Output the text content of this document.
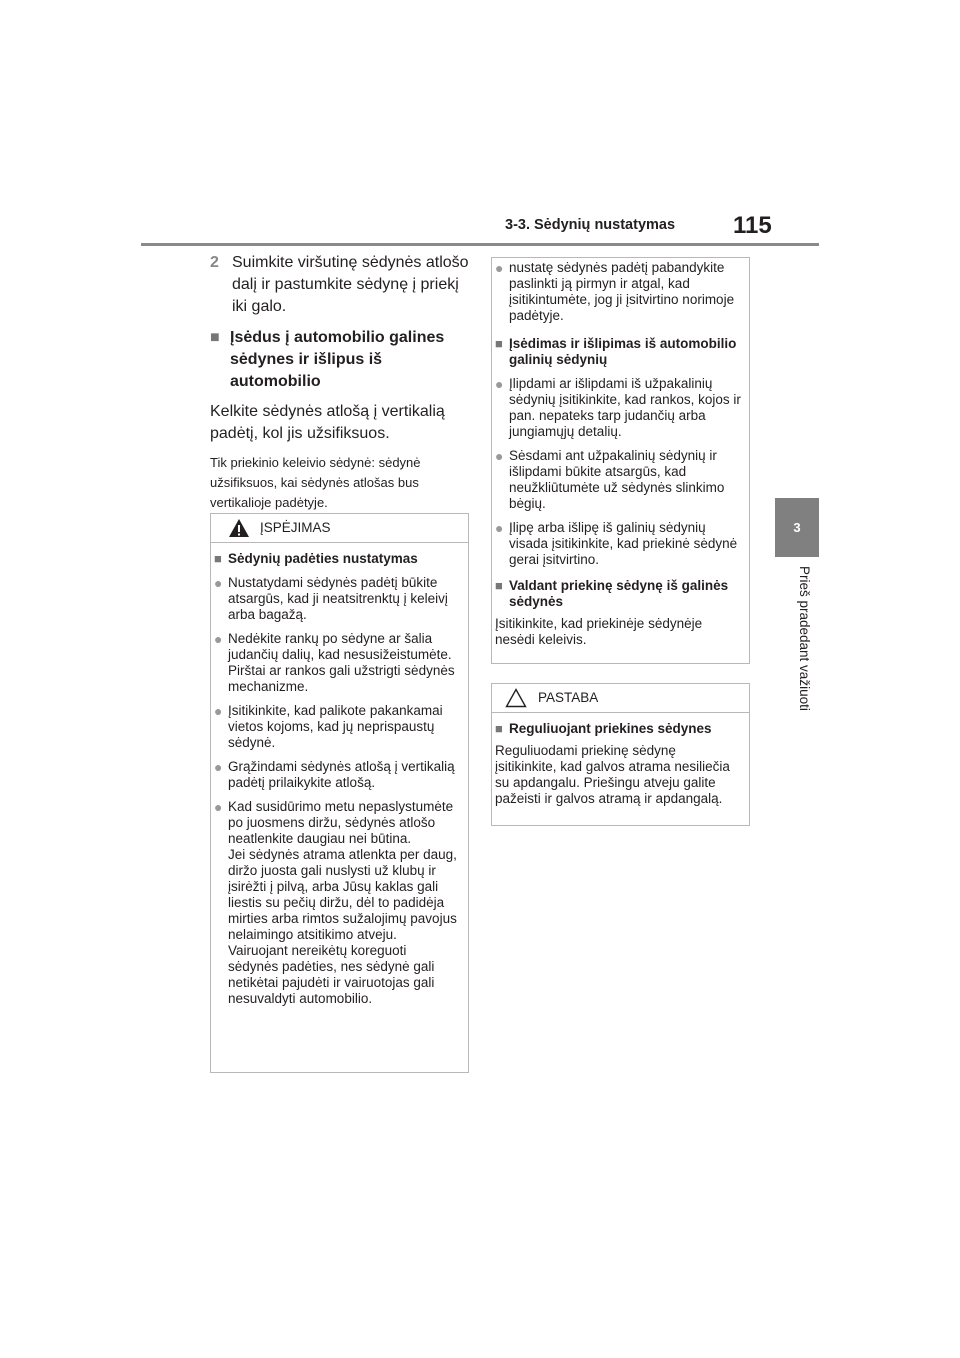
3-3. Sėdynių nustatymas	115
3
Prieš pradedant važiuoti
2 Suimkite viršutinę sėdynės atlošo dalį ir pastumkite sėdynę į priekį iki galo.
■ Įsėdus į automobilio galines sėdynes ir išlipus iš automobilio
Kelkite sėdynės atlošą į vertikalią padėtį, kol jis užsifiksuos.
Tik priekinio keleivio sėdynė: sėdynė užsifiksuos, kai sėdynės atlošas bus vertikalioje padėtyje.
ĮSPĖJIMAS
■ Sėdynių padėties nustatymas
● Nustatydami sėdynės padėtį būkite atsargūs, kad ji neatsitrenktų į keleivį arba bagažą.
● Nedėkite rankų po sėdyne ar šalia judančių dalių, kad nesusižeistumėte.
Pirštai ar rankos gali užstrigti sėdynės mechanizme.
● Įsitikinkite, kad palikote pakankamai vietos kojoms, kad jų neprispaustų sėdynė.
● Grąžindami sėdynės atlošą į vertikalią padėtį prilaikykite atlošą.
● Kad susidūrimo metu nepaslystumėte po juosmens diržu, sėdynės atlošo neatlenkite daugiau nei būtina.
Jei sėdynės atrama atlenkta per daug, diržo juosta gali nuslysti už klubų ir įsirėžti į pilvą, arba Jūsų kaklas gali liestis su pečių diržu, dėl to padidėja mirties arba rimtos sužalojimų pavojus nelaimingo atsitikimo atveju.
Vairuojant nereikėtų koreguoti sėdynės padėties, nes sėdynė gali netikėtai pajudėti ir vairuotojas gali nesuvaldyti automobilio.
● nustatę sėdynės padėtį pabandykite paslinkti ją pirmyn ir atgal, kad įsitikintumėte, jog ji įsitvirtino norimoje padėtyje.
■ Įsėdimas ir išlipimas iš automobilio galinių sėdynių
● Įlipdami ar išlipdami iš užpakalinių sėdynių įsitikinkite, kad rankos, kojos ir pan. nepateks tarp judančių arba jungiamųjų detalių.
● Sėsdami ant užpakalinių sėdynių ir išlipdami būkite atsargūs, kad neužkliūtumėte už sėdynės slinkimo bėgių.
● Įlipę arba išlipę iš galinių sėdynių visada įsitikinkite, kad priekinė sėdynė gerai įsitvirtino.
■ Valdant priekinę sėdynę iš galinės sėdynės
Įsitikinkite, kad priekinėje sėdynėje nesėdi keleivis.
PASTABA
■ Reguliuojant priekines sėdynes
Reguliuodami priekinę sėdynę įsitikinkite, kad galvos atrama nesiliečia su apdangalu. Priešingu atveju galite pažeisti ir galvos atramą ir apdangalą.
